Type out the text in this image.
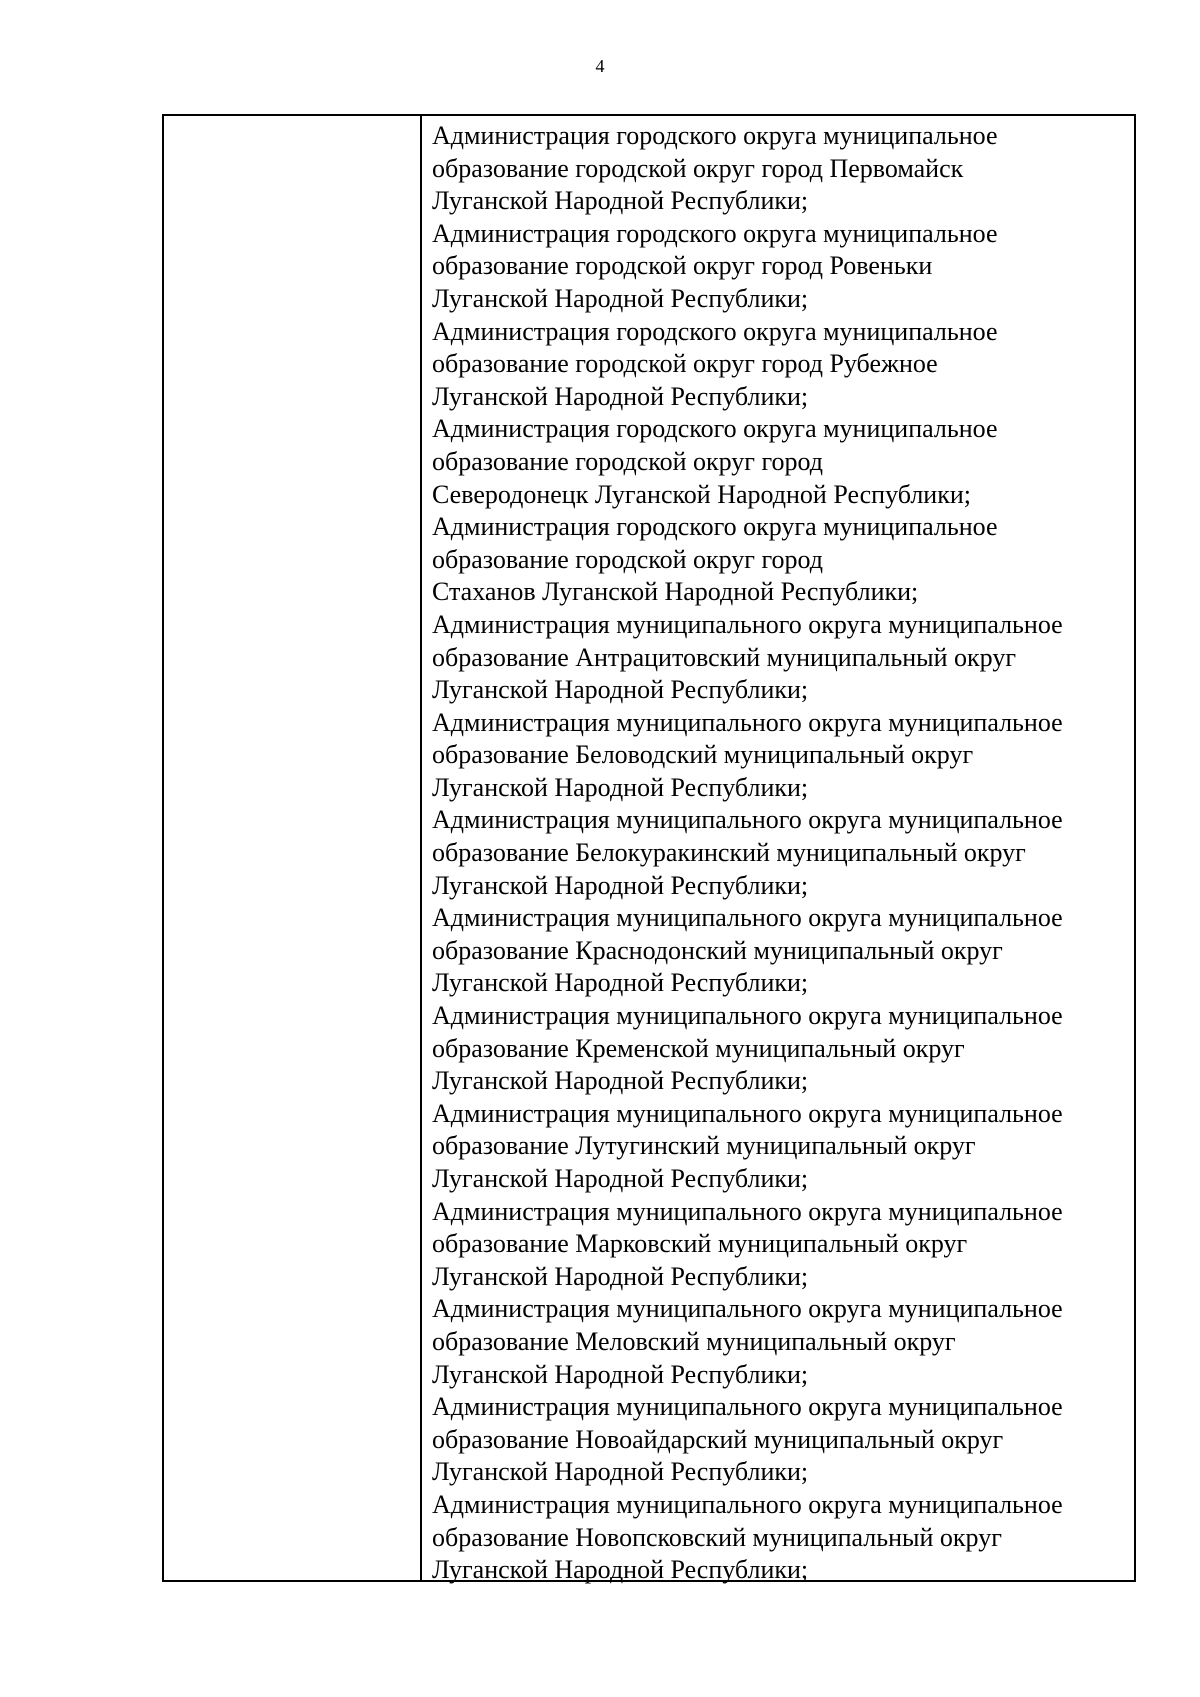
4
Администрация городского округа муниципальное
образование городской округ город Первомайск
Луганской Народной Республики;
Администрация городского округа муниципальное
образование городской округ город Ровеньки
Луганской Народной Республики;
Администрация городского округа муниципальное
образование городской округ город Рубежное
Луганской Народной Республики;
Администрация городского округа муниципальное
образование городской округ город
Северодонецк Луганской Народной Республики;
Администрация городского округа муниципальное
образование городской округ город
Стаханов Луганской Народной Республики;
Администрация муниципального округа муниципальное
образование Антрацитовский муниципальный округ
Луганской Народной Республики;
Администрация муниципального округа муниципальное
образование Беловодский муниципальный округ
Луганской Народной Республики;
Администрация муниципального округа муниципальное
образование Белокуракинский муниципальный округ
Луганской Народной Республики;
Администрация муниципального округа муниципальное
образование Краснодонский муниципальный округ
Луганской Народной Республики;
Администрация муниципального округа муниципальное
образование Кременской муниципальный округ
Луганской Народной Республики;
Администрация муниципального округа муниципальное
образование Лутугинский муниципальный округ
Луганской Народной Республики;
Администрация муниципального округа муниципальное
образование Марковский муниципальный округ
Луганской Народной Республики;
Администрация муниципального округа муниципальное
образование Меловский муниципальный округ
Луганской Народной Республики;
Администрация муниципального округа муниципальное
образование Новоайдарский муниципальный округ
Луганской Народной Республики;
Администрация муниципального округа муниципальное
образование Новопсковский муниципальный округ
Луганской Народной Республики;
